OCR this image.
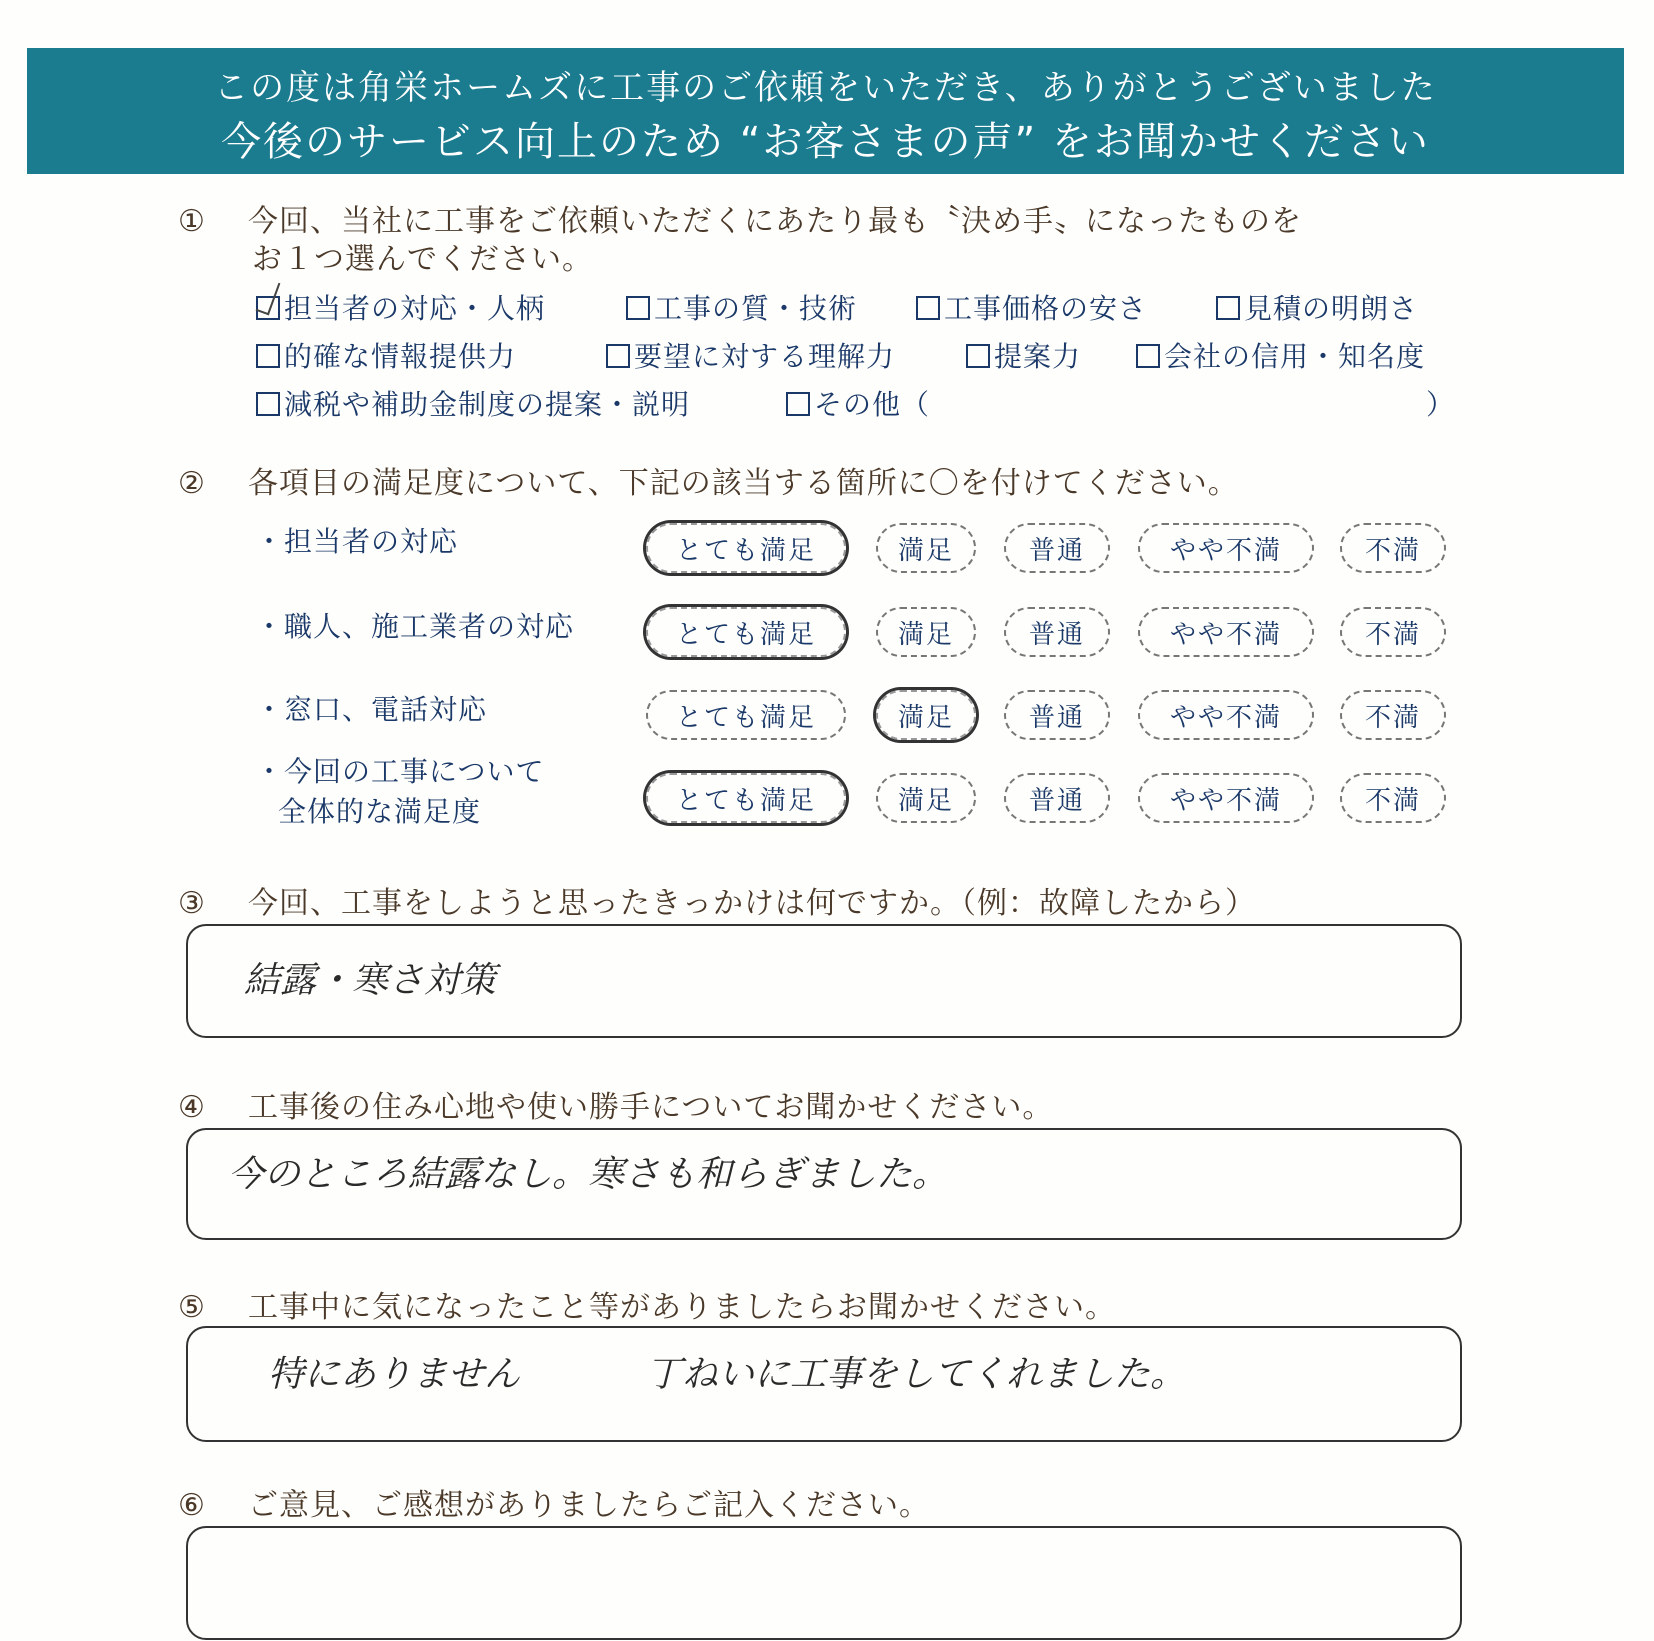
この度は角栄ホームズに工事のご依頼をいただき、ありがとうございました
今後のサービス向上のため “お客さまの声” をお聞かせください
① 今回、当社に工事をご依頼いただくにあたり最も〝決め手〟になったものを
お１つ選んでください。
担当者の対応・人柄	工事の質・技術	工事価格の安さ	見積の明朗さ
的確な情報提供力	要望に対する理解力	提案力	会社の信用・知名度
減税や補助金制度の提案・説明	その他（	）
② 各項目の満足度について、下記の該当する箇所に〇を付けてください。
・担当者の対応	とても満足	満足	普通	やや不満	不満
・職人、施工業者の対応	とても満足	満足	普通	やや不満	不満
・窓口、電話対応	とても満足	満足	普通	やや不満	不満
・今回の工事について
全体的な満足度	とても満足	満足	普通	やや不満	不満
③ 今回、工事をしようと思ったきっかけは何ですか。（例：故障したから）
結露・寒さ対策
④ 工事後の住み心地や使い勝手についてお聞かせください。
今のところ結露なし。寒さも和らぎました。
⑤ 工事中に気になったこと等がありましたらお聞かせください。
特にありません	丁ねいに工事をしてくれました。
⑥ ご意見、ご感想がありましたらご記入ください。
